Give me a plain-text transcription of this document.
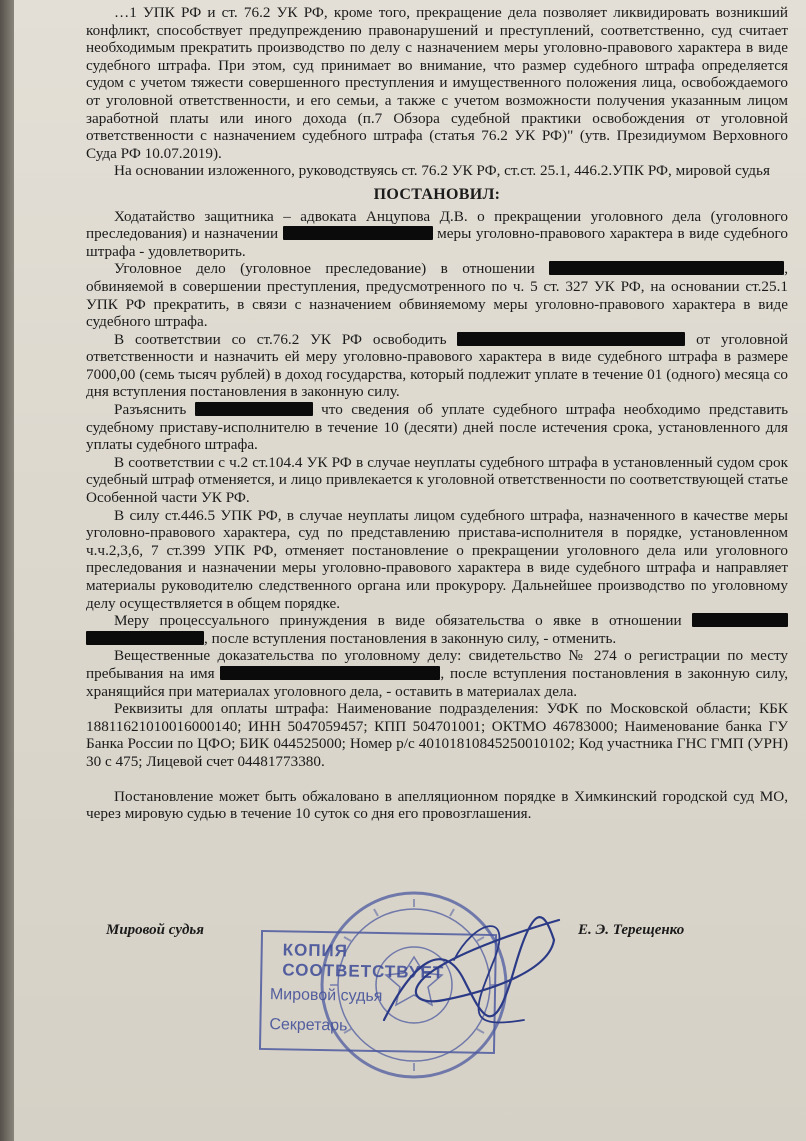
…1 УПК РФ и ст. 76.2 УК РФ, кроме того, прекращение дела позволяет ликвидировать возникший конфликт, способствует предупреждению правонарушений и преступлений, соответственно, суд считает необходимым прекратить производство по делу с назначением меры уголовно-правового характера в виде судебного штрафа. При этом, суд принимает во внимание, что размер судебного штрафа определяется судом с учетом тяжести совершенного преступления и имущественного положения лица, освобождаемого от уголовной ответственности, и его семьи, а также с учетом возможности получения указанным лицом заработной платы или иного дохода (п.7 Обзора судебной практики освобождения от уголовной ответственности с назначением судебного штрафа (статья 76.2 УК РФ)" (утв. Президиумом Верховного Суда РФ 10.07.2019).

На основании изложенного, руководствуясь ст. 76.2 УК РФ, ст.ст. 25.1, 446.2.УПК РФ, мировой судья

ПОСТАНОВИЛ:

Ходатайство защитника – адвоката Анцупова Д.В. о прекращении уголовного дела (уголовного преследования) и назначении	меры уголовно-правового характера в виде судебного штрафа - удовлетворить.

Уголовное дело (уголовное преследование) в отношении	, обвиняемой в совершении преступления, предусмотренного по ч. 5 ст. 327 УК РФ, на основании ст.25.1 УПК РФ прекратить, в связи с назначением обвиняемому меры уголовно-правового характера в виде судебного штрафа.

В соответствии со ст.76.2 УК РФ освободить	от уголовной ответственности и назначить ей меру уголовно-правового характера в виде судебного штрафа в размере 7000,00 (семь тысяч рублей) в доход государства, который подлежит уплате в течение 01 (одного) месяца со дня вступления постановления в законную силу.

Разъяснить	что сведения об уплате судебного штрафа необходимо представить судебному приставу-исполнителю в течение 10 (десяти) дней после истечения срока, установленного для уплаты судебного штрафа.

В соответствии с ч.2 ст.104.4 УК РФ в случае неуплаты судебного штрафа в установленный судом срок судебный штраф отменяется, и лицо привлекается к уголовной ответственности по соответствующей статье Особенной части УК РФ.

В силу ст.446.5 УПК РФ, в случае неуплаты лицом судебного штрафа, назначенного в качестве меры уголовно-правового характера, суд по представлению пристава-исполнителя в порядке, установленном ч.ч.2,3,6, 7 ст.399 УПК РФ, отменяет постановление о прекращении уголовного дела или уголовного преследования и назначении меры уголовно-правового характера в виде судебного штрафа и направляет материалы руководителю следственного органа или прокурору. Дальнейшее производство по уголовному делу осуществляется в общем порядке.

Меру процессуального принуждения в виде обязательства о явке в отношении  , после вступления постановления в законную силу, - отменить.

Вещественные доказательства по уголовному делу: свидетельство № 274 о регистрации по месту пребывания на имя	, после вступления постановления в законную силу, хранящийся при материалах уголовного дела, - оставить в материалах дела.

Реквизиты для оплаты штрафа: Наименование подразделения: УФК по Московской области; КБК 18811621010016000140; ИНН 5047059457; КПП 504701001; ОКТМО 46783000; Наименование банка ГУ Банка России по ЦФО; БИК 044525000; Номер р/с 40101810845250010102; Код участника ГНС ГМП (УРН) 30 с 475; Лицевой счет 04481773380.

Постановление может быть обжаловано в апелляционном порядке в Химкинский городской суд МО, через мировую судью в течение 10 суток со дня его провозглашения.

КОПИЯ СООТВЕТСТВУЕТ
Мировой судья
Секретарь
Мировой судья	Е. Э. Терещенко
